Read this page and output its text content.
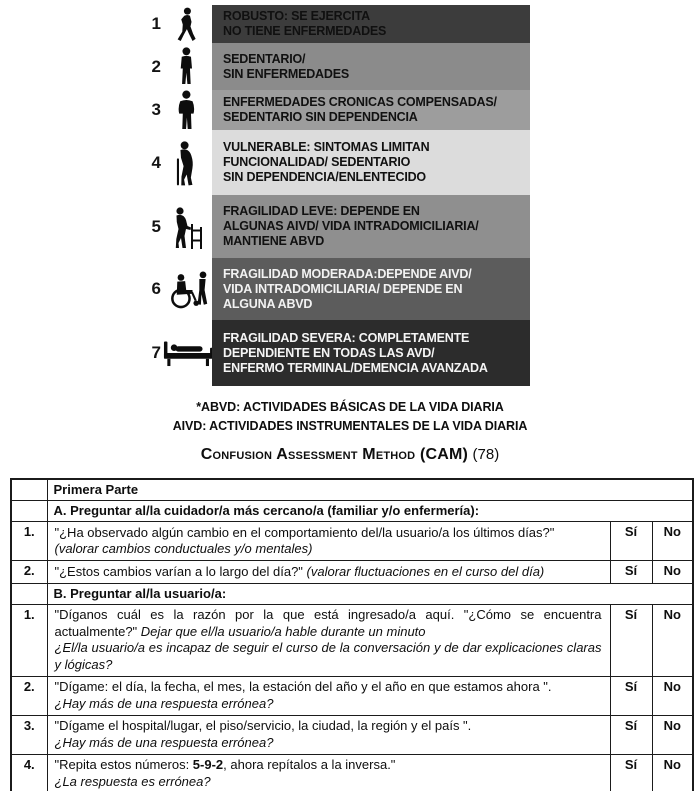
1	ROBUSTO: SE EJERCITA
NO TIENE ENFERMEDADES
2	SEDENTARIO/
SIN ENFERMEDADES
3	ENFERMEDADES CRONICAS COMPENSADAS/
SEDENTARIO SIN DEPENDENCIA
4
VULNERABLE: SINTOMAS LIMITAN
FUNCIONALIDAD/ SEDENTARIO
SIN DEPENDENCIA/ENLENTECIDO
5
FRAGILIDAD LEVE: DEPENDE EN
ALGUNAS AIVD/ VIDA INTRADOMICILIARIA/
MANTIENE ABVD
6
FRAGILIDAD MODERADA:DEPENDE AIVD/
VIDA INTRADOMICILIARIA/ DEPENDE EN
ALGUNA ABVD
7
FRAGILIDAD SEVERA: COMPLETAMENTE
DEPENDIENTE EN TODAS LAS AVD/
ENFERMO TERMINAL/DEMENCIA AVANZADA
*ABVD: ACTIVIDADES BÁSICAS DE LA VIDA DIARIA
AIVD: ACTIVIDADES INSTRUMENTALES DE LA VIDA DIARIA
Confusion Assessment Method (CAM) (78)
	Primera Parte		
	A. Preguntar al/la cuidador/a más cercano/a (familiar y/o enfermería):		
1.	"¿Ha observado algún cambio en el comportamiento del/la usuario/a los últimos días?"
(valorar cambios conductuales y/o mentales)	Sí	No
2.	"¿Estos cambios varían a lo largo del día?" (valorar fluctuaciones en el curso del día)	Sí	No
	B. Preguntar al/la usuario/a:		
1.	"Díganos cuál es la razón por la que está ingresado/a aquí. "¿Cómo se encuentra actualmente?" Dejar que el/la usuario/a hable durante un minuto
¿El/la usuario/a es incapaz de seguir el curso de la conversación y de dar explicaciones claras y lógicas?	Sí	No
2.	"Dígame: el día, la fecha, el mes, la estación del año y el año en que estamos ahora ".
¿Hay más de una respuesta errónea?	Sí	No
3.	"Dígame el hospital/lugar, el piso/servicio, la ciudad, la región y el país ".
¿Hay más de una respuesta errónea?	Sí	No
4.	"Repita estos números: 5-9-2, ahora repítalos a la inversa."
¿La respuesta es errónea?	Sí	No
